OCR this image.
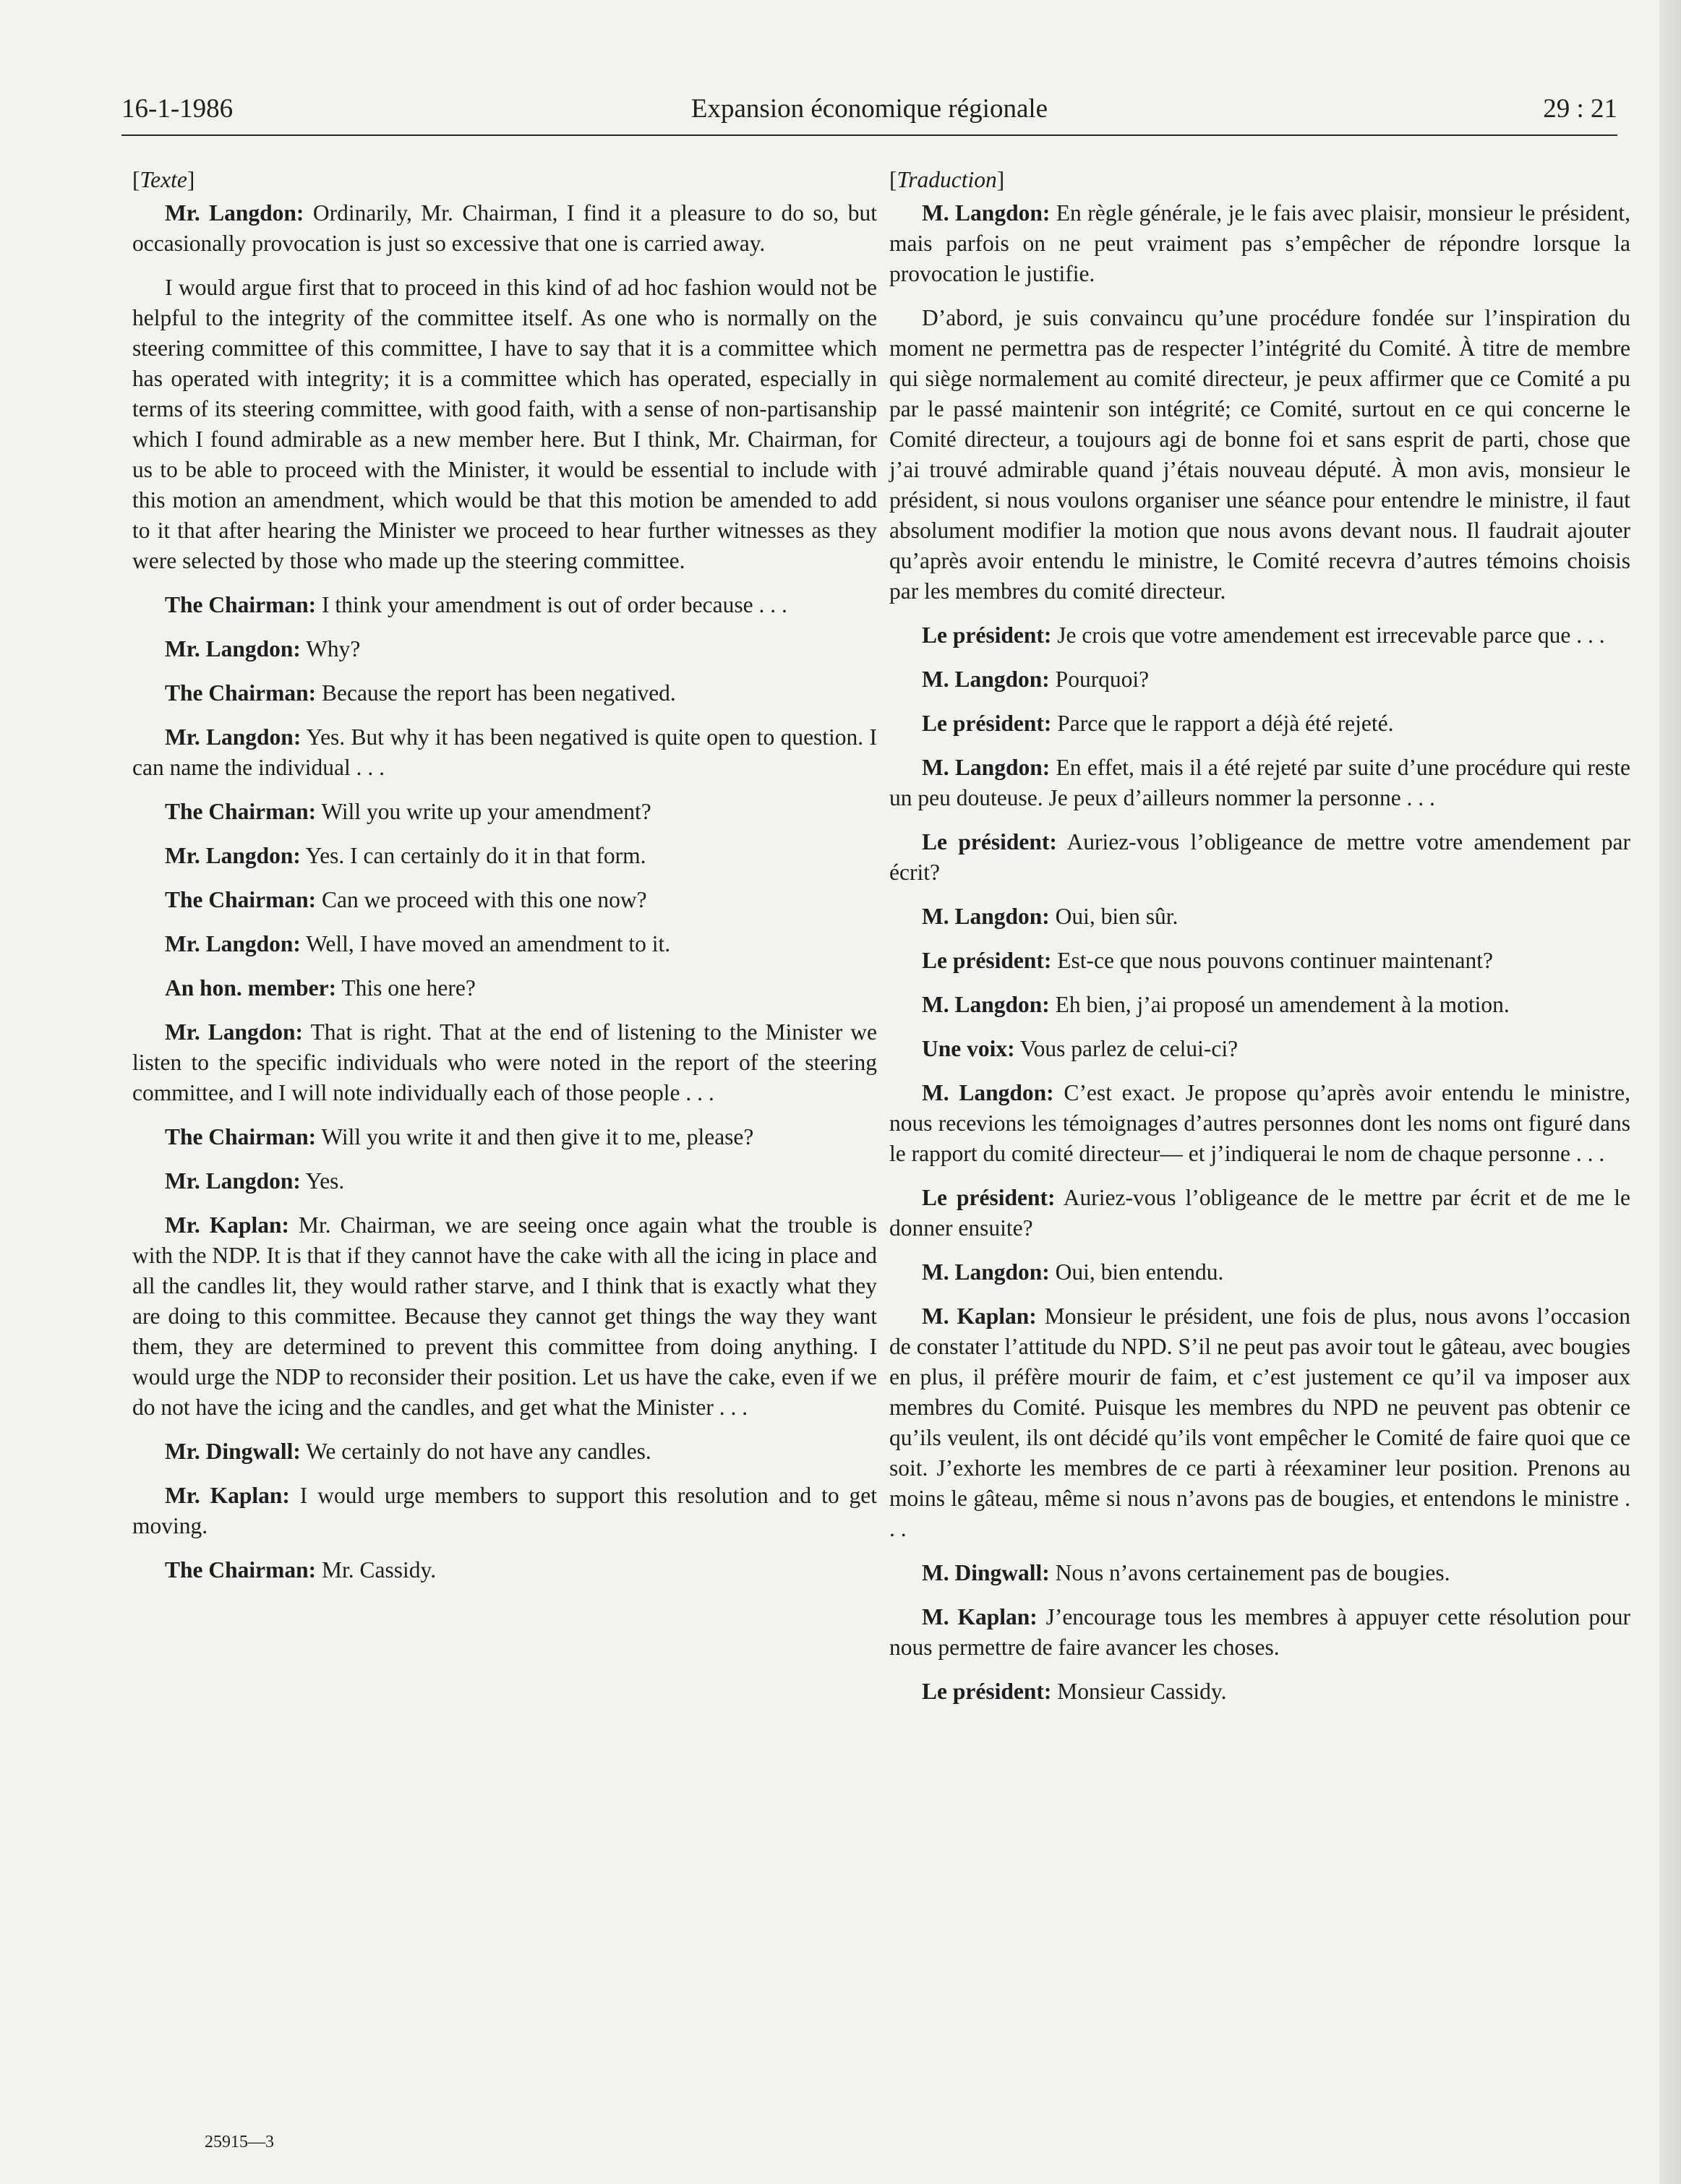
16-1-1986	Expansion économique régionale	29 : 21

[Texte]

Mr. Langdon: Ordinarily, Mr. Chairman, I find it a pleasure to do so, but occasionally provocation is just so excessive that one is carried away.

I would argue first that to proceed in this kind of ad hoc fashion would not be helpful to the integrity of the committee itself. As one who is normally on the steering committee of this committee, I have to say that it is a committee which has operated with integrity; it is a committee which has operated, especially in terms of its steering committee, with good faith, with a sense of non-partisanship which I found admirable as a new member here. But I think, Mr. Chairman, for us to be able to proceed with the Minister, it would be essential to include with this motion an amendment, which would be that this motion be amended to add to it that after hearing the Minister we proceed to hear further witnesses as they were selected by those who made up the steering committee.

The Chairman: I think your amendment is out of order because . . .

Mr. Langdon: Why?

The Chairman: Because the report has been negatived.

Mr. Langdon: Yes. But why it has been negatived is quite open to question. I can name the individual . . .

The Chairman: Will you write up your amendment?

Mr. Langdon: Yes. I can certainly do it in that form.

The Chairman: Can we proceed with this one now?

Mr. Langdon: Well, I have moved an amendment to it.

An hon. member: This one here?

Mr. Langdon: That is right. That at the end of listening to the Minister we listen to the specific individuals who were noted in the report of the steering committee, and I will note individually each of those people . . .

The Chairman: Will you write it and then give it to me, please?

Mr. Langdon: Yes.

Mr. Kaplan: Mr. Chairman, we are seeing once again what the trouble is with the NDP. It is that if they cannot have the cake with all the icing in place and all the candles lit, they would rather starve, and I think that is exactly what they are doing to this committee. Because they cannot get things the way they want them, they are determined to prevent this committee from doing anything. I would urge the NDP to reconsider their position. Let us have the cake, even if we do not have the icing and the candles, and get what the Minister . . .

Mr. Dingwall: We certainly do not have any candles.

Mr. Kaplan: I would urge members to support this resolution and to get moving.

The Chairman: Mr. Cassidy.

[Traduction]

M. Langdon: En règle générale, je le fais avec plaisir, monsieur le président, mais parfois on ne peut vraiment pas s’empêcher de répondre lorsque la provocation le justifie.

D’abord, je suis convaincu qu’une procédure fondée sur l’inspiration du moment ne permettra pas de respecter l’intégrité du Comité. À titre de membre qui siège normalement au comité directeur, je peux affirmer que ce Comité a pu par le passé maintenir son intégrité; ce Comité, surtout en ce qui concerne le Comité directeur, a toujours agi de bonne foi et sans esprit de parti, chose que j’ai trouvé admirable quand j’étais nouveau député. À mon avis, monsieur le président, si nous voulons organiser une séance pour entendre le ministre, il faut absolument modifier la motion que nous avons devant nous. Il faudrait ajouter qu’après avoir entendu le ministre, le Comité recevra d’autres témoins choisis par les membres du comité directeur.

Le président: Je crois que votre amendement est irrecevable parce que . . .

M. Langdon: Pourquoi?

Le président: Parce que le rapport a déjà été rejeté.

M. Langdon: En effet, mais il a été rejeté par suite d’une procédure qui reste un peu douteuse. Je peux d’ailleurs nommer la personne . . .

Le président: Auriez-vous l’obligeance de mettre votre amendement par écrit?

M. Langdon: Oui, bien sûr.

Le président: Est-ce que nous pouvons continuer maintenant?

M. Langdon: Eh bien, j’ai proposé un amendement à la motion.

Une voix: Vous parlez de celui-ci?

M. Langdon: C’est exact. Je propose qu’après avoir entendu le ministre, nous recevions les témoignages d’autres personnes dont les noms ont figuré dans le rapport du comité directeur— et j’indiquerai le nom de chaque personne . . .

Le président: Auriez-vous l’obligeance de le mettre par écrit et de me le donner ensuite?

M. Langdon: Oui, bien entendu.

M. Kaplan: Monsieur le président, une fois de plus, nous avons l’occasion de constater l’attitude du NPD. S’il ne peut pas avoir tout le gâteau, avec bougies en plus, il préfère mourir de faim, et c’est justement ce qu’il va imposer aux membres du Comité. Puisque les membres du NPD ne peuvent pas obtenir ce qu’ils veulent, ils ont décidé qu’ils vont empêcher le Comité de faire quoi que ce soit. J’exhorte les membres de ce parti à réexaminer leur position. Prenons au moins le gâteau, même si nous n’avons pas de bougies, et entendons le ministre . . .

M. Dingwall: Nous n’avons certainement pas de bougies.

M. Kaplan: J’encourage tous les membres à appuyer cette résolution pour nous permettre de faire avancer les choses.

Le président: Monsieur Cassidy.

25915—3
